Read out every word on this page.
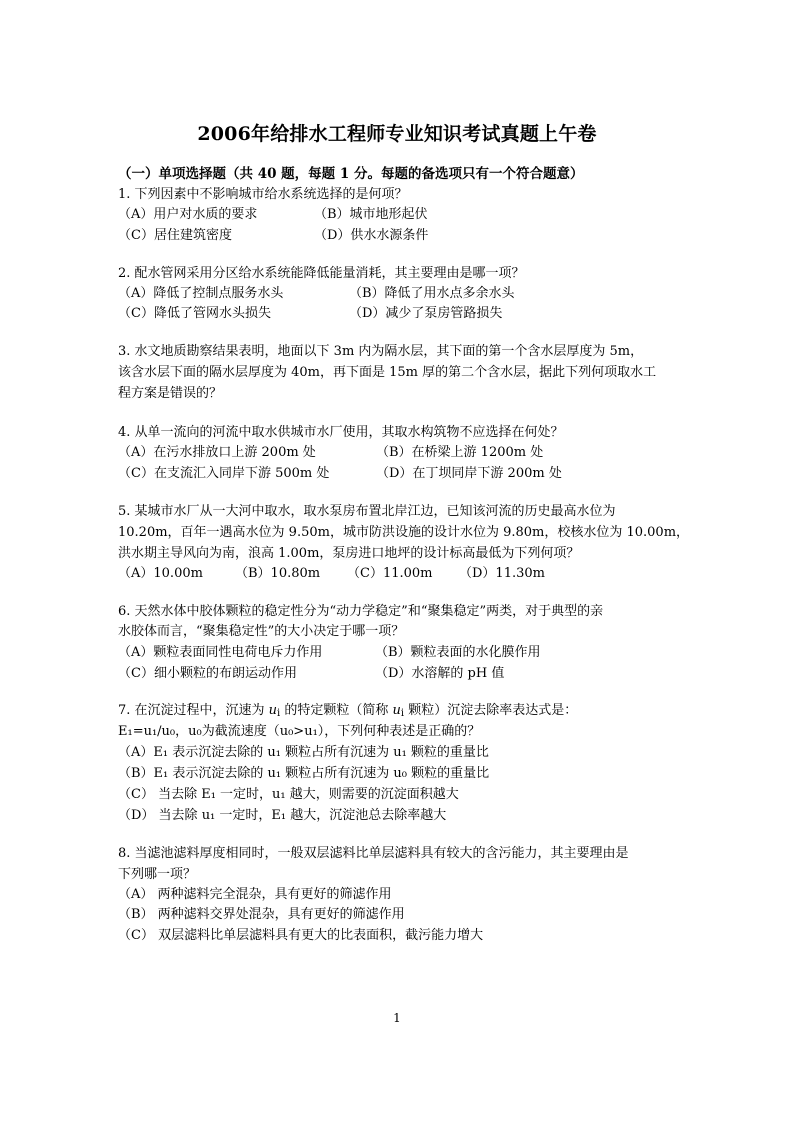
2006年给排水工程师专业知识考试真题上午卷
（一）单项选择题（共 40 题，每题 1 分。每题的备选项只有一个符合题意）
1. 下列因素中不影响城市给水系统选择的是何项？
（A）用户对水质的要求	（B）城市地形起伏
（C）居住建筑密度	（D）供水水源条件
2. 配水管网采用分区给水系统能降低能量消耗，其主要理由是哪一项？
（A）降低了控制点服务水头	（B）降低了用水点多余水头
（C）降低了管网水头损失	（D）减少了泵房管路损失
3. 水文地质勘察结果表明，地面以下 3m 内为隔水层，其下面的第一个含水层厚度为 5m，
该含水层下面的隔水层厚度为 40m，再下面是 15m 厚的第二个含水层，据此下列何项取水工
程方案是错误的？
4. 从单一流向的河流中取水供城市水厂使用，其取水构筑物不应选择在何处？
（A）在污水排放口上游 200m 处	（B）在桥梁上游 1200m 处
（C）在支流汇入同岸下游 500m 处	（D）在丁坝同岸下游 200m 处
5. 某城市水厂从一大河中取水，取水泵房布置北岸江边，已知该河流的历史最高水位为
10.20m，百年一遇高水位为 9.50m，城市防洪设施的设计水位为 9.80m，校核水位为 10.00m，
洪水期主导风向为南，浪高 1.00m，泵房进口地坪的设计标高最低为下列何项？
（A）10.00m （B）10.80m （C）11.00m （D）11.30m
6. 天然水体中胶体颗粒的稳定性分为“动力学稳定”和“聚集稳定”两类，对于典型的亲
水胶体而言，“聚集稳定性”的大小决定于哪一项？
（A）颗粒表面同性电荷电斥力作用	（B）颗粒表面的水化膜作用
（C）细小颗粒的布朗运动作用	（D）水溶解的 pH 值
7. 在沉淀过程中，沉速为 $u_i$ 的特定颗粒（简称 $u_i$ 颗粒）沉淀去除率表达式是：
E₁=u₁/u₀，u₀为截流速度（u₀>u₁），下列何种表述是正确的？
（A）E₁ 表示沉淀去除的 u₁ 颗粒占所有沉速为 u₁ 颗粒的重量比
（B）E₁ 表示沉淀去除的 u₁ 颗粒占所有沉速为 u₀ 颗粒的重量比
（C） 当去除 E₁ 一定时，u₁ 越大，则需要的沉淀面积越大
（D） 当去除 u₁ 一定时，E₁ 越大，沉淀池总去除率越大
8. 当滤池滤料厚度相同时，一般双层滤料比单层滤料具有较大的含污能力，其主要理由是
下列哪一项？
（A） 两种滤料完全混杂，具有更好的筛滤作用
（B） 两种滤料交界处混杂，具有更好的筛滤作用
（C） 双层滤料比单层滤料具有更大的比表面积，截污能力增大
1
